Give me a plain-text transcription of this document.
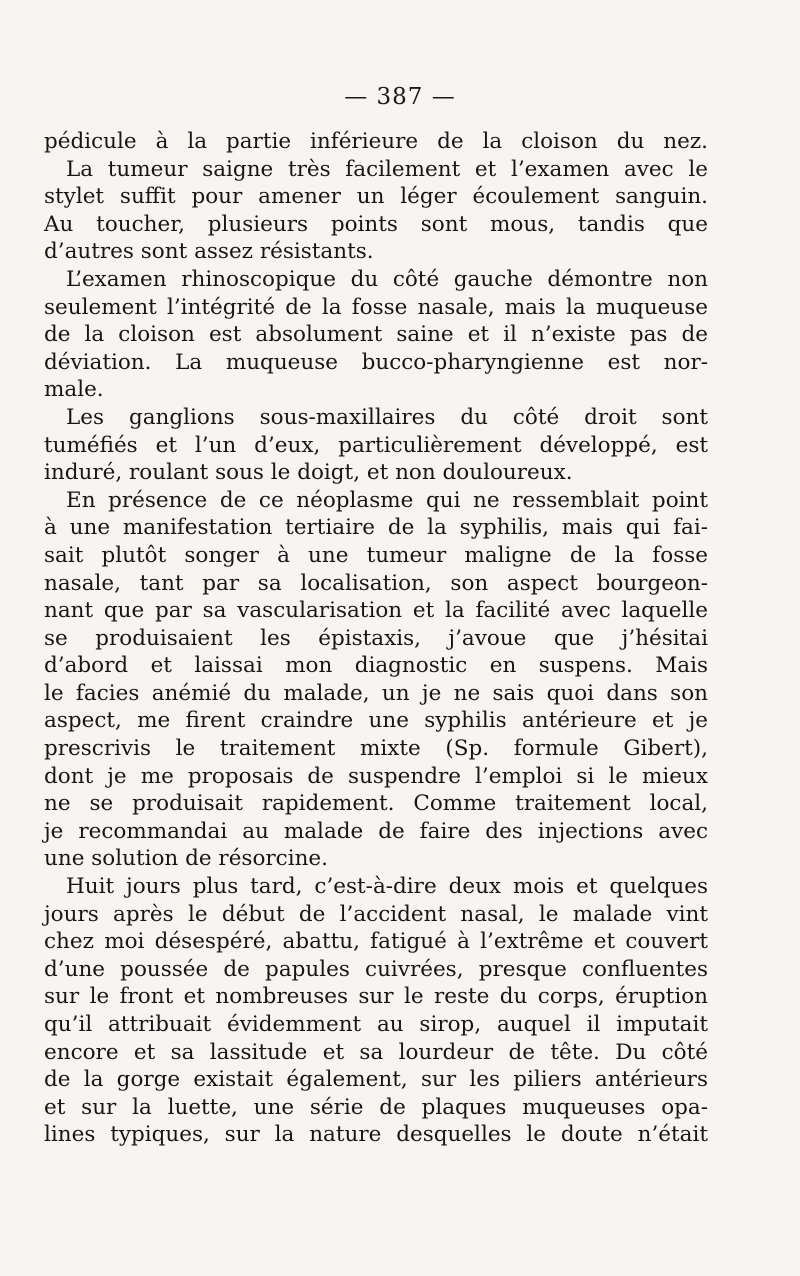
— 387 —
pédicule à la partie inférieure de la cloison du nez.
La tumeur saigne très facilement et l’examen avec le
stylet suffit pour amener un léger écoulement sanguin.
Au toucher, plusieurs points sont mous, tandis que
d’autres sont assez résistants.
L’examen rhinoscopique du côté gauche démontre non
seulement l’intégrité de la fosse nasale, mais la muqueuse
de la cloison est absolument saine et il n’existe pas de
déviation. La muqueuse bucco-pharyngienne est nor-
male.
Les ganglions sous-maxillaires du côté droit sont
tuméfiés et l’un d’eux, particulièrement développé, est
induré, roulant sous le doigt, et non douloureux.
En présence de ce néoplasme qui ne ressemblait point
à une manifestation tertiaire de la syphilis, mais qui fai-
sait plutôt songer à une tumeur maligne de la fosse
nasale, tant par sa localisation, son aspect bourgeon-
nant que par sa vascularisation et la facilité avec laquelle
se produisaient les épistaxis, j’avoue que j’hésitai
d’abord et laissai mon diagnostic en suspens. Mais
le facies anémié du malade, un je ne sais quoi dans son
aspect, me firent craindre une syphilis antérieure et je
prescrivis le traitement mixte (Sp. formule Gibert),
dont je me proposais de suspendre l’emploi si le mieux
ne se produisait rapidement. Comme traitement local,
je recommandai au malade de faire des injections avec
une solution de résorcine.
Huit jours plus tard, c’est-à-dire deux mois et quelques
jours après le début de l’accident nasal, le malade vint
chez moi désespéré, abattu, fatigué à l’extrême et couvert
d’une poussée de papules cuivrées, presque confluentes
sur le front et nombreuses sur le reste du corps, éruption
qu’il attribuait évidemment au sirop, auquel il imputait
encore et sa lassitude et sa lourdeur de tête. Du côté
de la gorge existait également, sur les piliers antérieurs
et sur la luette, une série de plaques muqueuses opa-
lines typiques, sur la nature desquelles le doute n’était
